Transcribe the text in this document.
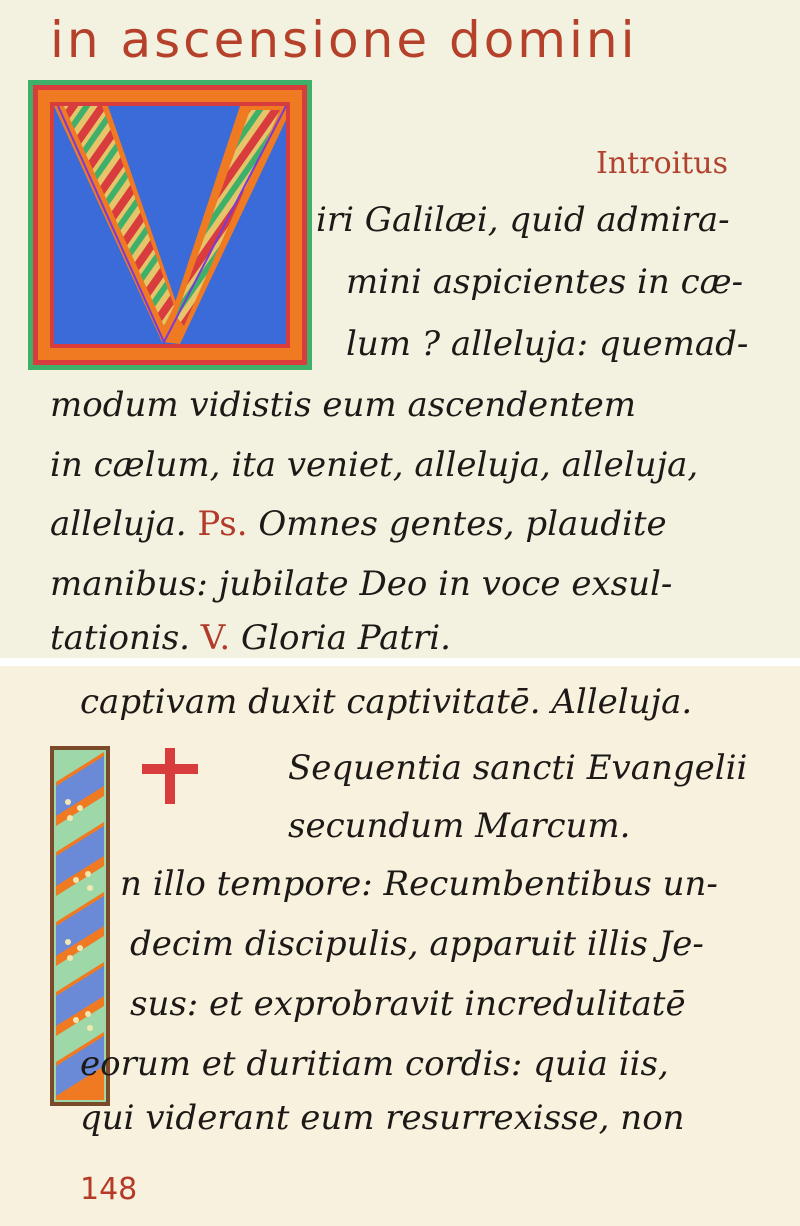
in ascensione domini
Introitus
iri Galilæi, quid admira-
mini aspicientes in cæ-
lum ? alleluja: quemad-
modum vidistis eum ascendentem
in cælum, ita veniet, alleluja, alleluja,
alleluja. Ps. Omnes gentes, plaudite
manibus: jubilate Deo in voce exsul-
tationis. V. Gloria Patri.
captivam duxit captivitatē. Alleluja.
Sequentia sancti Evangelii
secundum Marcum.
n illo tempore: Recumbentibus un-
decim discipulis, apparuit illis Je-
sus: et exprobravit incredulitatē
eorum et duritiam cordis: quia iis,
qui viderant eum resurrexisse, non
148
